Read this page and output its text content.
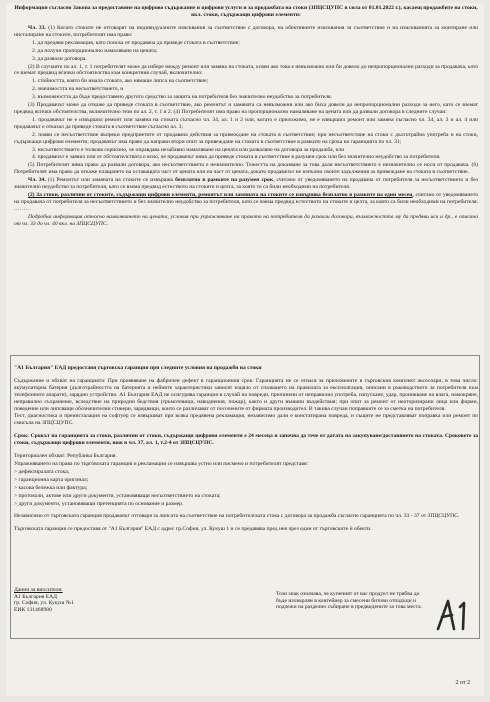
Информация съгласно Закона за предоставяне на цифрово съдържание и цифрови услуги и за продажбата на стоки (ЗПЦСЦУПС в сила от 01.01.2022 г.), касаещ продажбите на стоки, вкл. стоки, съдържащи цифрови елементи:

Чл. 33. (1) Когато стоките не отговарят на индивидуалните изисквания за съответствие с договора, на обективните изисквания за съответствие и на изискванията за монтиране или инсталиране на стоките, потребителят има право:

1. да предяви рекламация, като поиска от продавача да приведе стоката в съответствие;

2. да получи пропорционално намаляване на цената;

3. да развали договора.

(2) В случаите по ал. 1, т. 1 потребителят може да избере между ремонт или замяна на стоката, освен ако това е невъзможно или би довело до непропорционални разходи за продавача, като се вземат предвид всички обстоятелства към конкретния случай, включително:

1. стойността, която би имала стоката, ако нямаше липса на съответствие;

2. значимостта на несъответствието, и

3. възможността да бъде предоставено другото средство за защита на потребителя без значително неудобство за потребителя.

(3) Продавачът може да откаже да приведе стоката в съответствие, ако ремонтът и замяната са невъзможни или ако биха довели до непропорционални разходи за него, като се вземат предвид всички обстоятелства, включително тези по ал. 2, т. 1 и 2. (4) Потребителят има право на пропорционално намаляване на цената или да развали договора в следните случаи:

1. продавачът не е извършил ремонт или замяна на стоката съгласно чл. 34, ал. 1 и 2 или, когато е приложимо, не е извършил ремонт или замяна съгласно чл. 34, ал. 3 и ал. 4 или продавачът е отказал да приведе стоката в съответствие съгласно ал. 3;

2. появи се несъответствие въпреки предприетите от продавача действия за привеждане на стоката в съответствие; при несъответствие на стоки с дълготрайна употреба и на стоки, съдържащи цифрови елементи, продавачът има право да направи втори опит за привеждане на стоката в съответствие в рамките на срока на гаранцията по чл. 31;

3. несъответствието е толкова сериозно, че оправдава незабавно намаляване на цената или разваляне на договора за продажба, или

4. продавачът е заявил или от обстоятелствата е ясно, че продавачът няма да приведе стоката в съответствие в разумен срок или без значително неудобство за потребителя.

(5) Потребителят няма право да развали договора, ако несъответствието е незначително. Тежестта на доказване за това дали несъответствието е незначително се носи от продавача. (6) Потребителят има право да откаже плащането на оставащата част от цената или на част от цената, докато продавачът не изпълни своите задължения за привеждане на стоката в съответствие.

Чл. 34. (1) Ремонтът или замяната на стоките се извършва безплатно в рамките на разумен срок, считано от уведомяването на продавача от потребителя за несъответствието и без значително неудобство за потребителя, като се взема предвид естеството на стоките и целта, за която те са били необходими на потребителя.

(2) За стоки, различни от стоките, съдържащи цифрови елементи, ремонтът или замяната на стоките се извършва безплатно в рамките на един месец, считано от уведомяването на продавача от потребителя за несъответствието и без значително неудобство за потребителя, като се взема предвид естеството на стоките и целта, за която са били необходими на потребителя. ………

Подробна информация относно намаляването на цената, условия при упражняване на правото на потребителя да развали договора, възможността му да предяви иск и др., е описана от чл. 33 до чл. 40 вкл. на ЗПЦСЦУПС.

"А1 България" ЕАД предоставя търговска гаранция при следните условия на продажби на стоки

Съдържание и обхват на гаранцията: При проявяване на фабричен дефект в гаранционния срок. Гаранцията не се отнася за приложените в търговския комплект аксесоари, в това число: акумулаторна батерия (дълготрайността на батерията и нейните характеристики зависят изцяло от спазването на правилата за експлоатация, описани в ръководството за потребителя към телефонните апарати), зарядно устройство. А1 България ЕАД не осигурява гаранция в случай на повреди, причинени от неправилна употреба, изпускане, удар, проникване на влага, намокряне, неправилно съхранение, вследствие на природни бедствия (гръмотевици, наводнения, пожар), както и други външни въздействия; при опит за ремонт от неоторизирани лица или фирми, поведение или липсващи обозначителни стикери, зарядващи, които се различават от посочените от фирмата производител. В такива случаи поправките се за сметка на потребителя.

Тест, диагностика и преинсталация на софтуер се извършват при всяка предявена рекламация, независимо дали е констатирана повреда, и същите не представляват поправка или ремонт по смисъла на ЗПЦСЦУПС.

Срок: Срокът на гаранцията за стоки, различни от стоки, съдържащи цифрови елементи е 24 месеца и започва да тече от датата на закупуване/доставянето на стоката. Сроковете за стоки, съдържащи цифрови елементи, виж в чл. 37, ал. 1, т.2-4 от ЗПЦСЦУПС.

Териториален обхват: Република България.

Упражняването на права по търговската гаранция и рекламации се извършва устно или писмено и потребителят представя:

> дефектиралата стока;

> гаранционна карта оригинал;

> касова бележка или фактура;

> протоколи, актове или други документи, установяващи несъответствието на стоката;

> други документи, установяващи претенцията по основание и размер.

Независимо от търговската гаранция продавачът отговаря за липсата на съответствие на потребителската стока с договора за продажба съгласно гаранцията по чл. 33 - 37 от ЗПЦСЦУПС.

Търговската гаранция се предоставя от "А1 България" ЕАД с адрес гр.София, ул. Кукуш 1 и се предявява пред нея чрез един от търговските ѝ обекти.

Данни за вносителя:
А1 България ЕАД
гр. София, ул. Кукуш №1
ЕИК 131468980
Този знак означава, че купеният от вас продукт не трябва да бъде изхвърлян в контейнер за смесени битови отпадъци и подлежи на разделно събиране в предвидените за това места.
2 от 2
